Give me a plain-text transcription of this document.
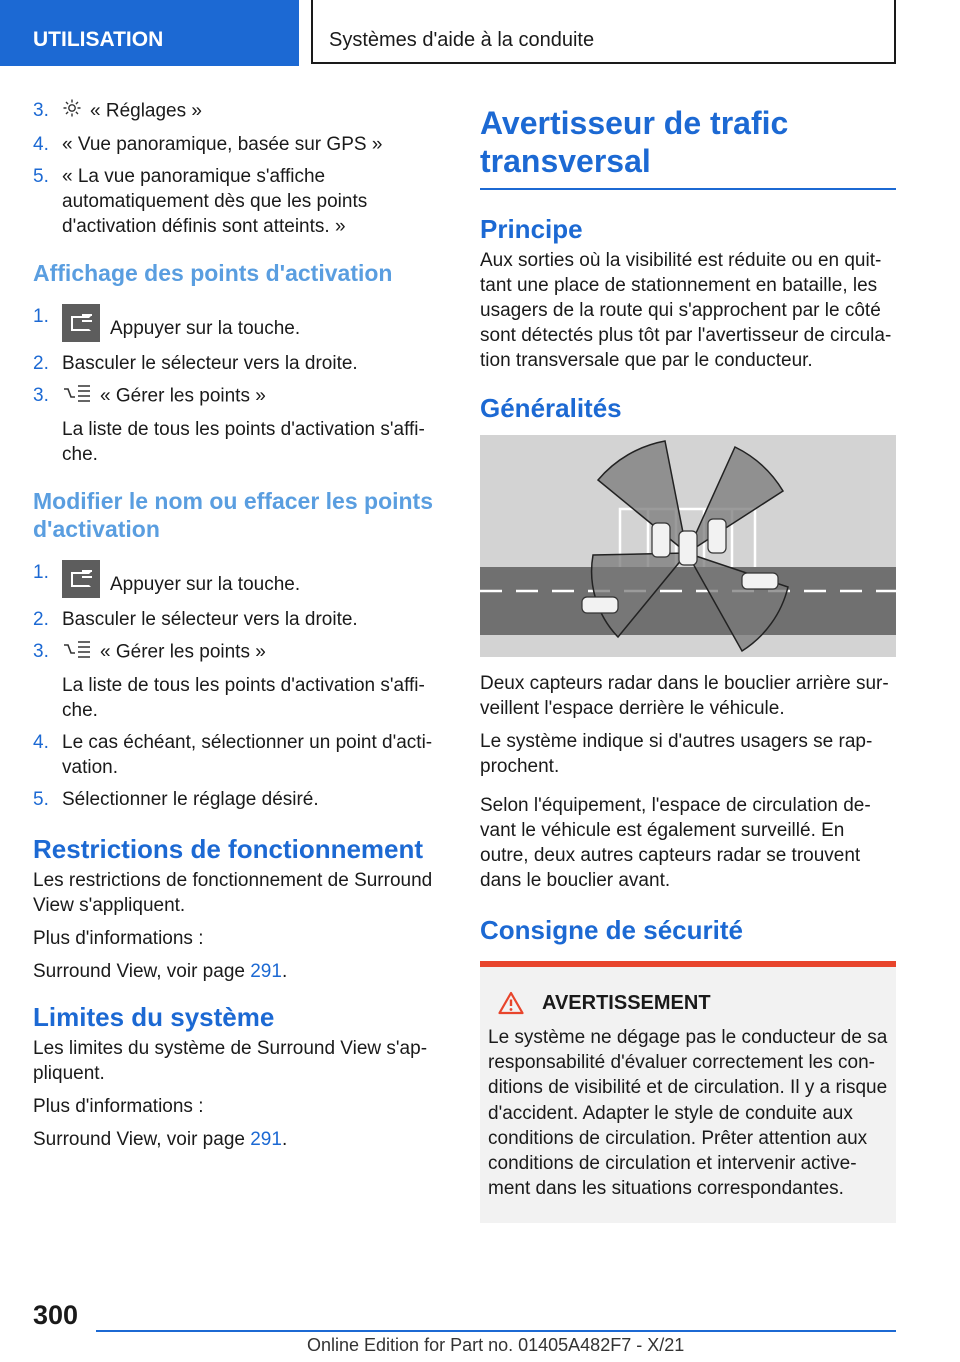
UTILISATION	Systèmes d'aide à la conduite
3. « Réglages »
4. « Vue panoramique, basée sur GPS »
5. « La vue panoramique s'affiche automatiquement dès que les points d'activation définis sont atteints. »
Affichage des points d'activation
1.
Appuyer sur la touche.
2. Basculer le sélecteur vers la droite.
3.	« Gérer les points »
La liste de tous les points d'activation s'affi-che.
Modifier le nom ou effacer les points d'activation
1.
Appuyer sur la touche.
2. Basculer le sélecteur vers la droite.
3.	« Gérer les points »
La liste de tous les points d'activation s'affi-che.
4. Le cas échéant, sélectionner un point d'acti-vation.
5. Sélectionner le réglage désiré.
Restrictions de fonctionnement

Les restrictions de fonctionnement de Surround View s'appliquent.

Plus d'informations :

Surround View, voir page 291.

Limites du système

Les limites du système de Surround View s'ap-pliquent.

Plus d'informations :

Surround View, voir page 291.

Avertisseur de trafic transversal
Principe

Aux sorties où la visibilité est réduite ou en quit-tant une place de stationnement en bataille, les usagers de la route qui s'approchent par le côté sont détectés plus tôt par l'avertisseur de circula-tion transversale que par le conducteur.

Généralités

Deux capteurs radar dans le bouclier arrière sur-veillent l'espace derrière le véhicule.

Le système indique si d'autres usagers se rap-prochent.

Selon l'équipement, l'espace de circulation de-vant le véhicule est également surveillé. En outre, deux autres capteurs radar se trouvent dans le bouclier avant.

Consigne de sécurité
AVERTISSEMENT

Le système ne dégage pas le conducteur de sa responsabilité d'évaluer correctement les con-ditions de visibilité et de circulation. Il y a risque d'accident. Adapter le style de conduite aux conditions de circulation. Prêter attention aux conditions de circulation et intervenir active-ment dans les situations correspondantes.

300
Online Edition for Part no. 01405A482F7 - X/21
